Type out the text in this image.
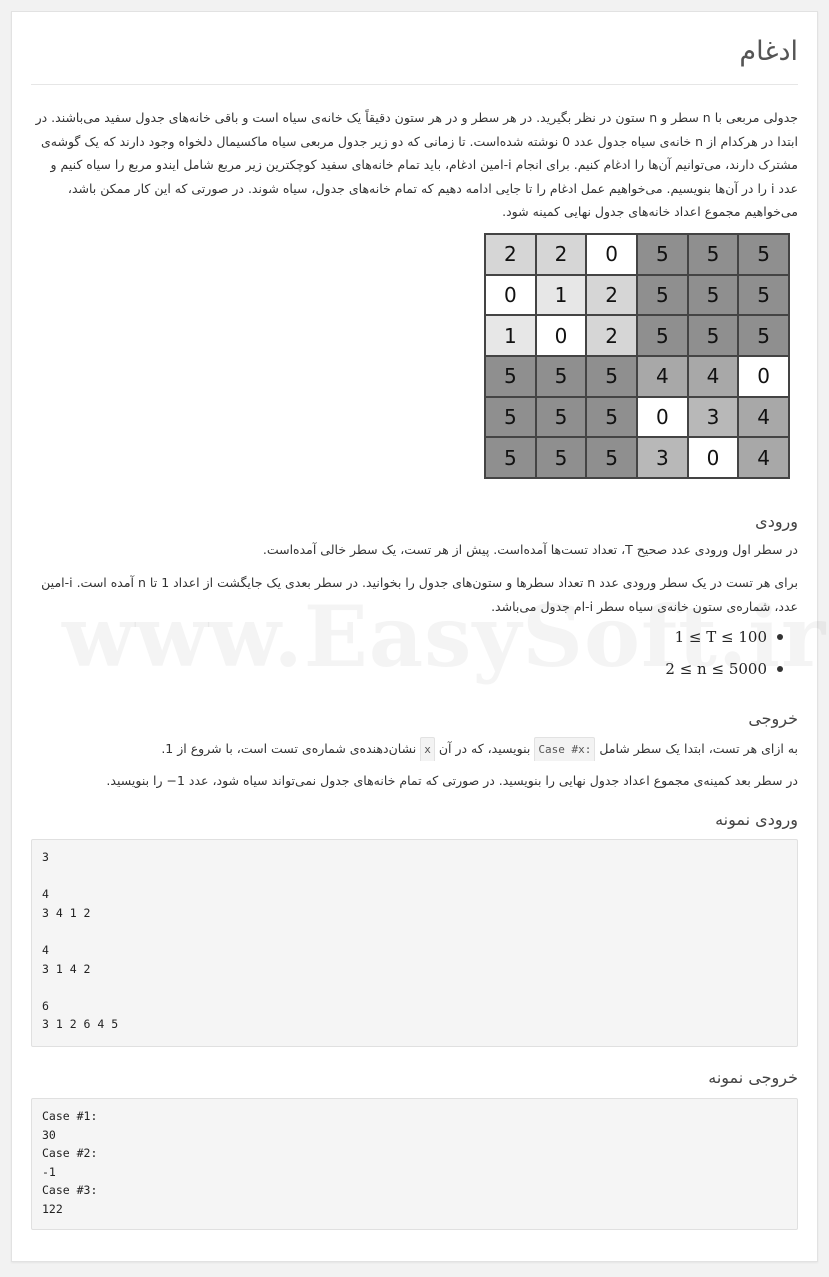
ادغام
جدولی مربعی با n سطر و n ستون در نظر بگیرید. در هر سطر و در هر ستون دقیقاً یک خانه‌ی سیاه است و باقی خانه‌های جدول سفید می‌باشند. در
ابتدا در هرکدام از n خانه‌ی سیاه جدول عدد 0 نوشته شده‌است. تا زمانی که دو زیر جدول مربعی سیاه ماکسیمال دلخواه وجود دارند که یک گوشه‌ی
مشترک دارند، می‌توانیم آن‌ها را ادغام کنیم. برای انجام i-امین ادغام، باید تمام خانه‌های سفید کوچکترین زیر مربع شامل ایندو مربع را سیاه کنیم و
عدد i را در آن‌ها بنویسیم. می‌خواهیم عمل ادغام را تا جایی ادامه دهیم که تمام خانه‌های جدول، سیاه شوند. در صورتی که این کار ممکن باشد،
می‌خواهیم مجموع اعداد خانه‌های جدول نهایی کمینه شود.
2	2	0	5	5	5
0	1	2	5	5	5
1	0	2	5	5	5
5	5	5	4	4	0
5	5	5	0	3	4
5	5	5	3	0	4
ورودی
در سطر اول ورودی عدد صحیح T، تعداد تست‌ها آمده‌است. پیش از هر تست، یک سطر خالی آمده‌است.
برای هر تست در یک سطر ورودی عدد n تعداد سطرها و ستون‌های جدول را بخوانید. در سطر بعدی یک جایگشت از اعداد 1 تا n آمده است. i-امین
عدد، شماره‌ی ستون خانه‌ی سیاه سطر i-ام جدول می‌باشد.
1 ≤ T ≤ 100
2 ≤ n ≤ 5000
خروجی
به ازای هر تست، ابتدا یک سطر شامل Case #x: بنویسید، که در آن x نشان‌دهنده‌ی شماره‌ی تست است، با شروع از 1.
در سطر بعد کمینه‌ی مجموع اعداد جدول نهایی را بنویسید. در صورتی که تمام خانه‌های جدول نمی‌تواند سیاه شود، عدد 1− را بنویسید.
ورودی نمونه
3
4
3 4 1 2
4
3 1 4 2
6
3 1 2 6 4 5
خروجی نمونه
Case #1:
30
Case #2:
-1
Case #3:
122
